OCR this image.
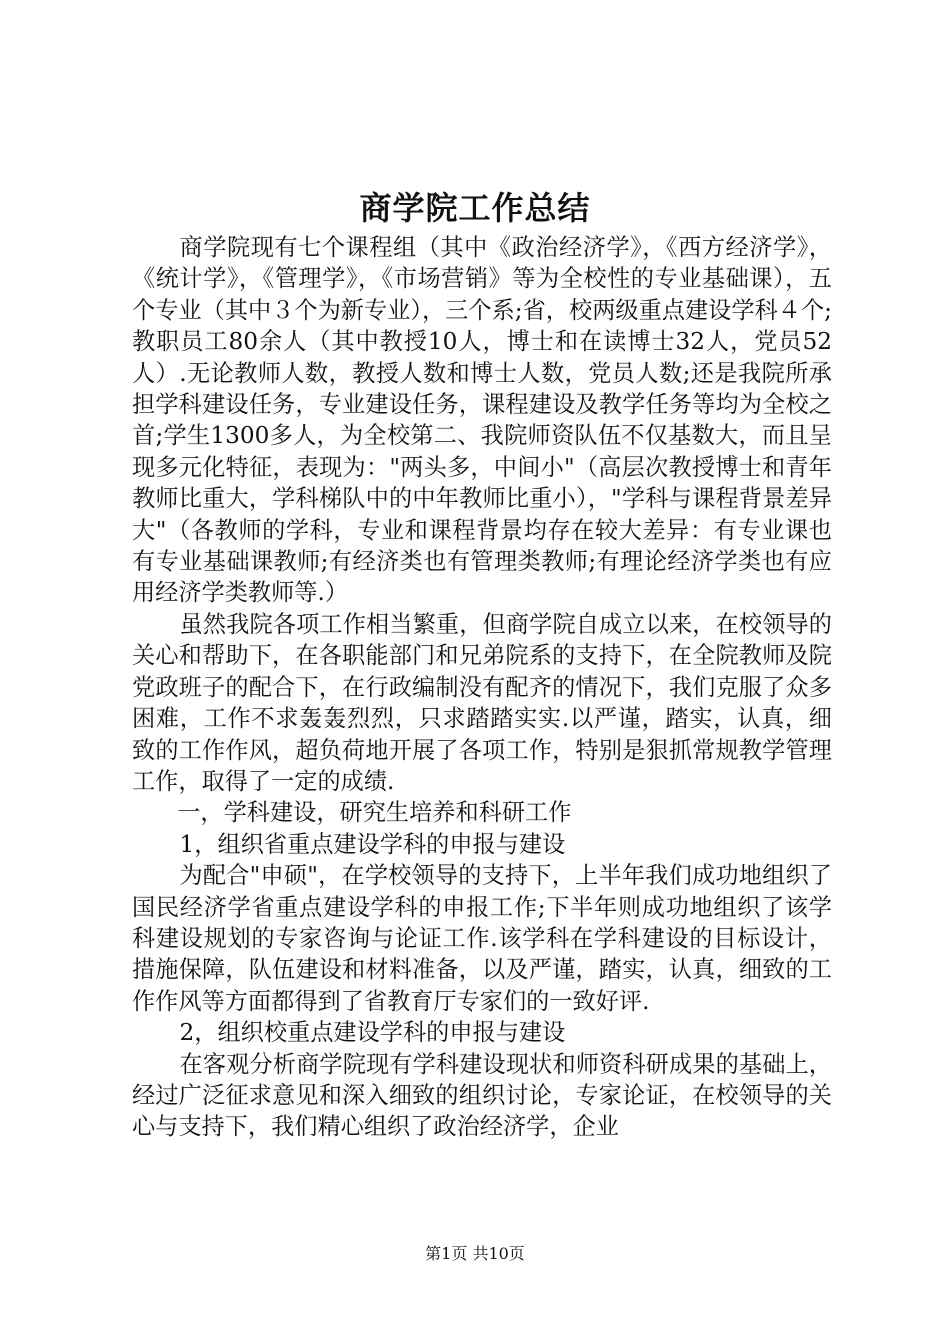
商学院工作总结

商学院现有七个课程组（其中《政治经济学》，《西方经济学》，《统计学》，《管理学》，《市场营销》等为全校性的专业基础课），五个专业（其中３个为新专业），三个系;省，校两级重点建设学科４个;教职员工80余人（其中教授10人，博士和在读博士32人，党员52人）.无论教师人数，教授人数和博士人数，党员人数;还是我院所承担学科建设任务，专业建设任务，课程建设及教学任务等均为全校之首;学生1300多人，为全校第二、我院师资队伍不仅基数大，而且呈现多元化特征，表现为："两头多，中间小"（高层次教授博士和青年教师比重大，学科梯队中的中年教师比重小），"学科与课程背景差异大"（各教师的学科，专业和课程背景均存在较大差异：有专业课也有专业基础课教师;有经济类也有管理类教师;有理论经济学类也有应用经济学类教师等.）

虽然我院各项工作相当繁重，但商学院自成立以来，在校领导的关心和帮助下，在各职能部门和兄弟院系的支持下，在全院教师及院党政班子的配合下，在行政编制没有配齐的情况下，我们克服了众多困难，工作不求轰轰烈烈，只求踏踏实实.以严谨，踏实，认真，细致的工作作风，超负荷地开展了各项工作，特别是狠抓常规教学管理工作，取得了一定的成绩.

一，学科建设，研究生培养和科研工作

1，组织省重点建设学科的申报与建设

为配合"申硕"，在学校领导的支持下，上半年我们成功地组织了国民经济学省重点建设学科的申报工作;下半年则成功地组织了该学科建设规划的专家咨询与论证工作.该学科在学科建设的目标设计，措施保障，队伍建设和材料准备，以及严谨，踏实，认真，细致的工作作风等方面都得到了省教育厅专家们的一致好评.

2，组织校重点建设学科的申报与建设

在客观分析商学院现有学科建设现状和师资科研成果的基础上，经过广泛征求意见和深入细致的组织讨论，专家论证，在校领导的关心与支持下，我们精心组织了政治经济学，企业

第1页 共10页
